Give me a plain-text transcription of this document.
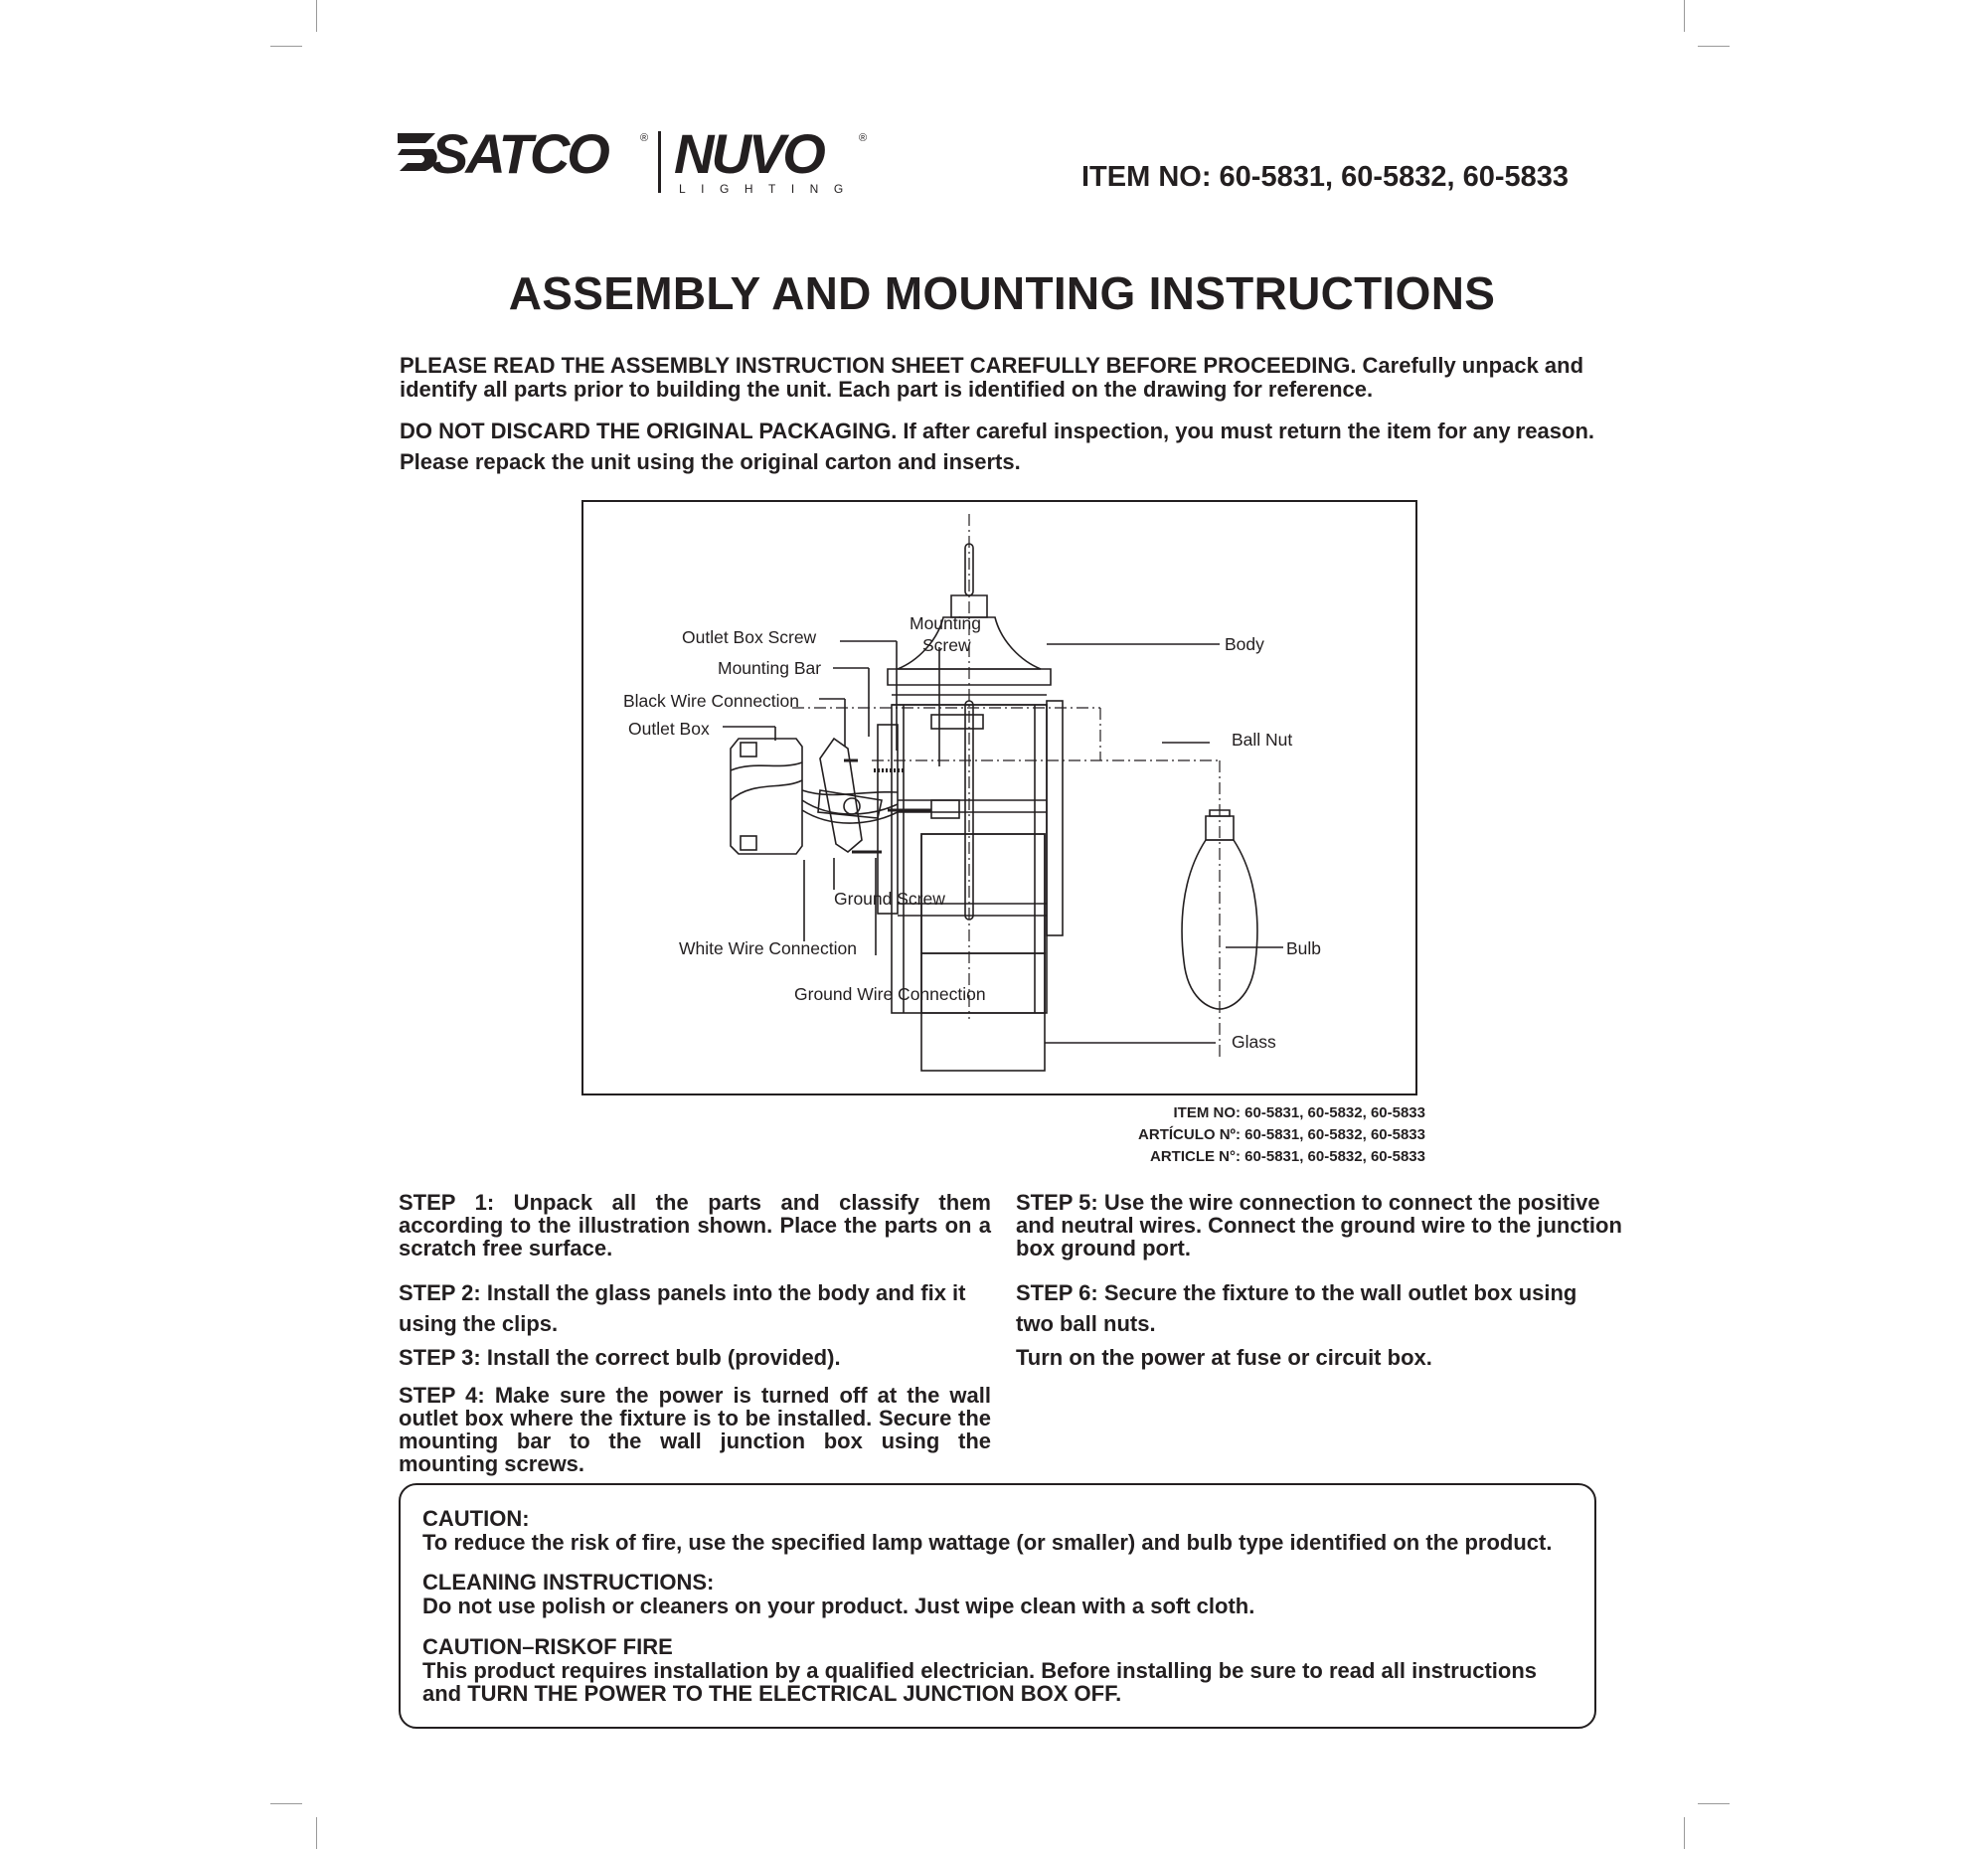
SATCO	® NUVO	®
LIGHTING	ITEM NO: 60-5831, 60-5832, 60-5833
ASSEMBLY AND MOUNTING INSTRUCTIONS

PLEASE READ THE ASSEMBLY INSTRUCTION SHEET CAREFULLY BEFORE PROCEEDING. Carefully unpack and identify all parts prior to building the unit. Each part is identified on the drawing for reference.

DO NOT DISCARD THE ORIGINAL PACKAGING. If after careful inspection, you must return the item for any reason. Please repack the unit using the original carton and inserts.

Outlet Box Screw
Mounting Bar
Black Wire Connection
Outlet Box
Mounting
Screw	Body
Ball Nut
Bulb
Glass
Ground Screw
White Wire Connection
Ground Wire Connection
ITEM NO: 60-5831, 60-5832, 60-5833
ARTÍCULO Nº: 60-5831, 60-5832, 60-5833
ARTICLE N°: 60-5831, 60-5832, 60-5833

STEP 1: Unpack all the parts and classify them according to the illustration shown. Place the parts on a scratch free surface.

STEP 2: Install the glass panels into the body and fix it using the clips.

STEP 3: Install the correct bulb (provided).

STEP 4: Make sure the power is turned off at the wall outlet box where the fixture is to be installed. Secure the mounting bar to the wall junction box using the mounting screws.

STEP 5: Use the wire connection to connect the positive and neutral wires. Connect the ground wire to the junction box ground port.

STEP 6: Secure the fixture to the wall outlet box using two ball nuts.

Turn on the power at fuse or circuit box.

CAUTION:
To reduce the risk of fire, use the specified lamp wattage (or smaller) and bulb type identified on the product.
CLEANING INSTRUCTIONS:
Do not use polish or cleaners on your product. Just wipe clean with a soft cloth.
CAUTION–RISKOF FIRE
This product requires installation by a qualified electrician. Before installing be sure to read all instructions and TURN THE POWER TO THE ELECTRICAL JUNCTION BOX OFF.
